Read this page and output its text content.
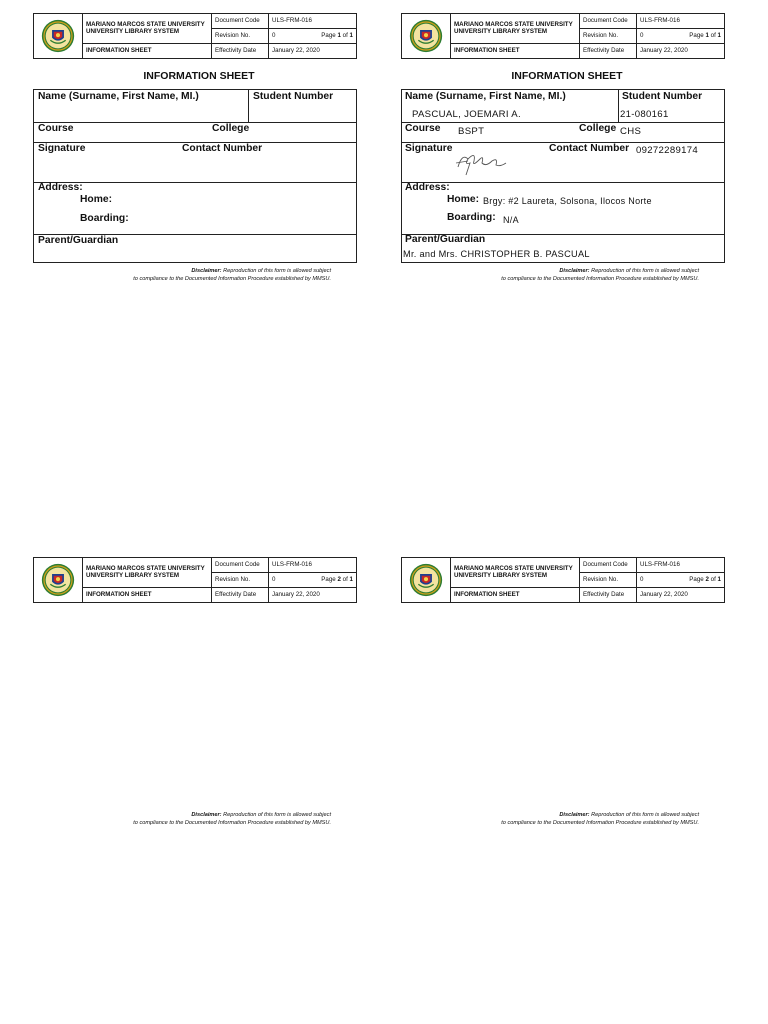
	MARIANO MARCOS STATE UNIVERSITY
UNIVERSITY LIBRARY SYSTEM	Document Code	ULS-FRM-016
		Revision No.	0 Page 1 of 1

	INFORMATION SHEET	Effectivity Date	January 22, 2020
INFORMATION SHEET
Name (Surname, First Name, MI.)	Student Number
Course	College
Signature	Contact Number
Address:
Home:
Boarding:
Parent/Guardian
Disclaimer: Reproduction of this form is allowed subject
to compliance to the Documented Information Procedure established by MMSU.
	MARIANO MARCOS STATE UNIVERSITY
UNIVERSITY LIBRARY SYSTEM	Document Code	ULS-FRM-016
		Revision No.	0 Page 1 of 1

	INFORMATION SHEET	Effectivity Date	January 22, 2020
INFORMATION SHEET
Name (Surname, First Name, MI.)
PASCUAL, JOEMARI A.
Student Number
21-080161
Course BSPT	College CHS
Signature	Contact Number 09272289174
Address:
Home: Brgy: #2 Laureta, Solsona, Ilocos Norte
Boarding: N/A
Parent/Guardian
Mr. and Mrs. CHRISTOPHER B. PASCUAL
Disclaimer: Reproduction of this form is allowed subject
to compliance to the Documented Information Procedure established by MMSU.
	MARIANO MARCOS STATE UNIVERSITY
UNIVERSITY LIBRARY SYSTEM	Document Code	ULS-FRM-016
		Revision No.	0 Page 2 of 1

	INFORMATION SHEET	Effectivity Date	January 22, 2020
Disclaimer: Reproduction of this form is allowed subject
to compliance to the Documented Information Procedure established by MMSU.
	MARIANO MARCOS STATE UNIVERSITY
UNIVERSITY LIBRARY SYSTEM	Document Code	ULS-FRM-016
		Revision No.	0 Page 2 of 1

	INFORMATION SHEET	Effectivity Date	January 22, 2020
Disclaimer: Reproduction of this form is allowed subject
to compliance to the Documented Information Procedure established by MMSU.
